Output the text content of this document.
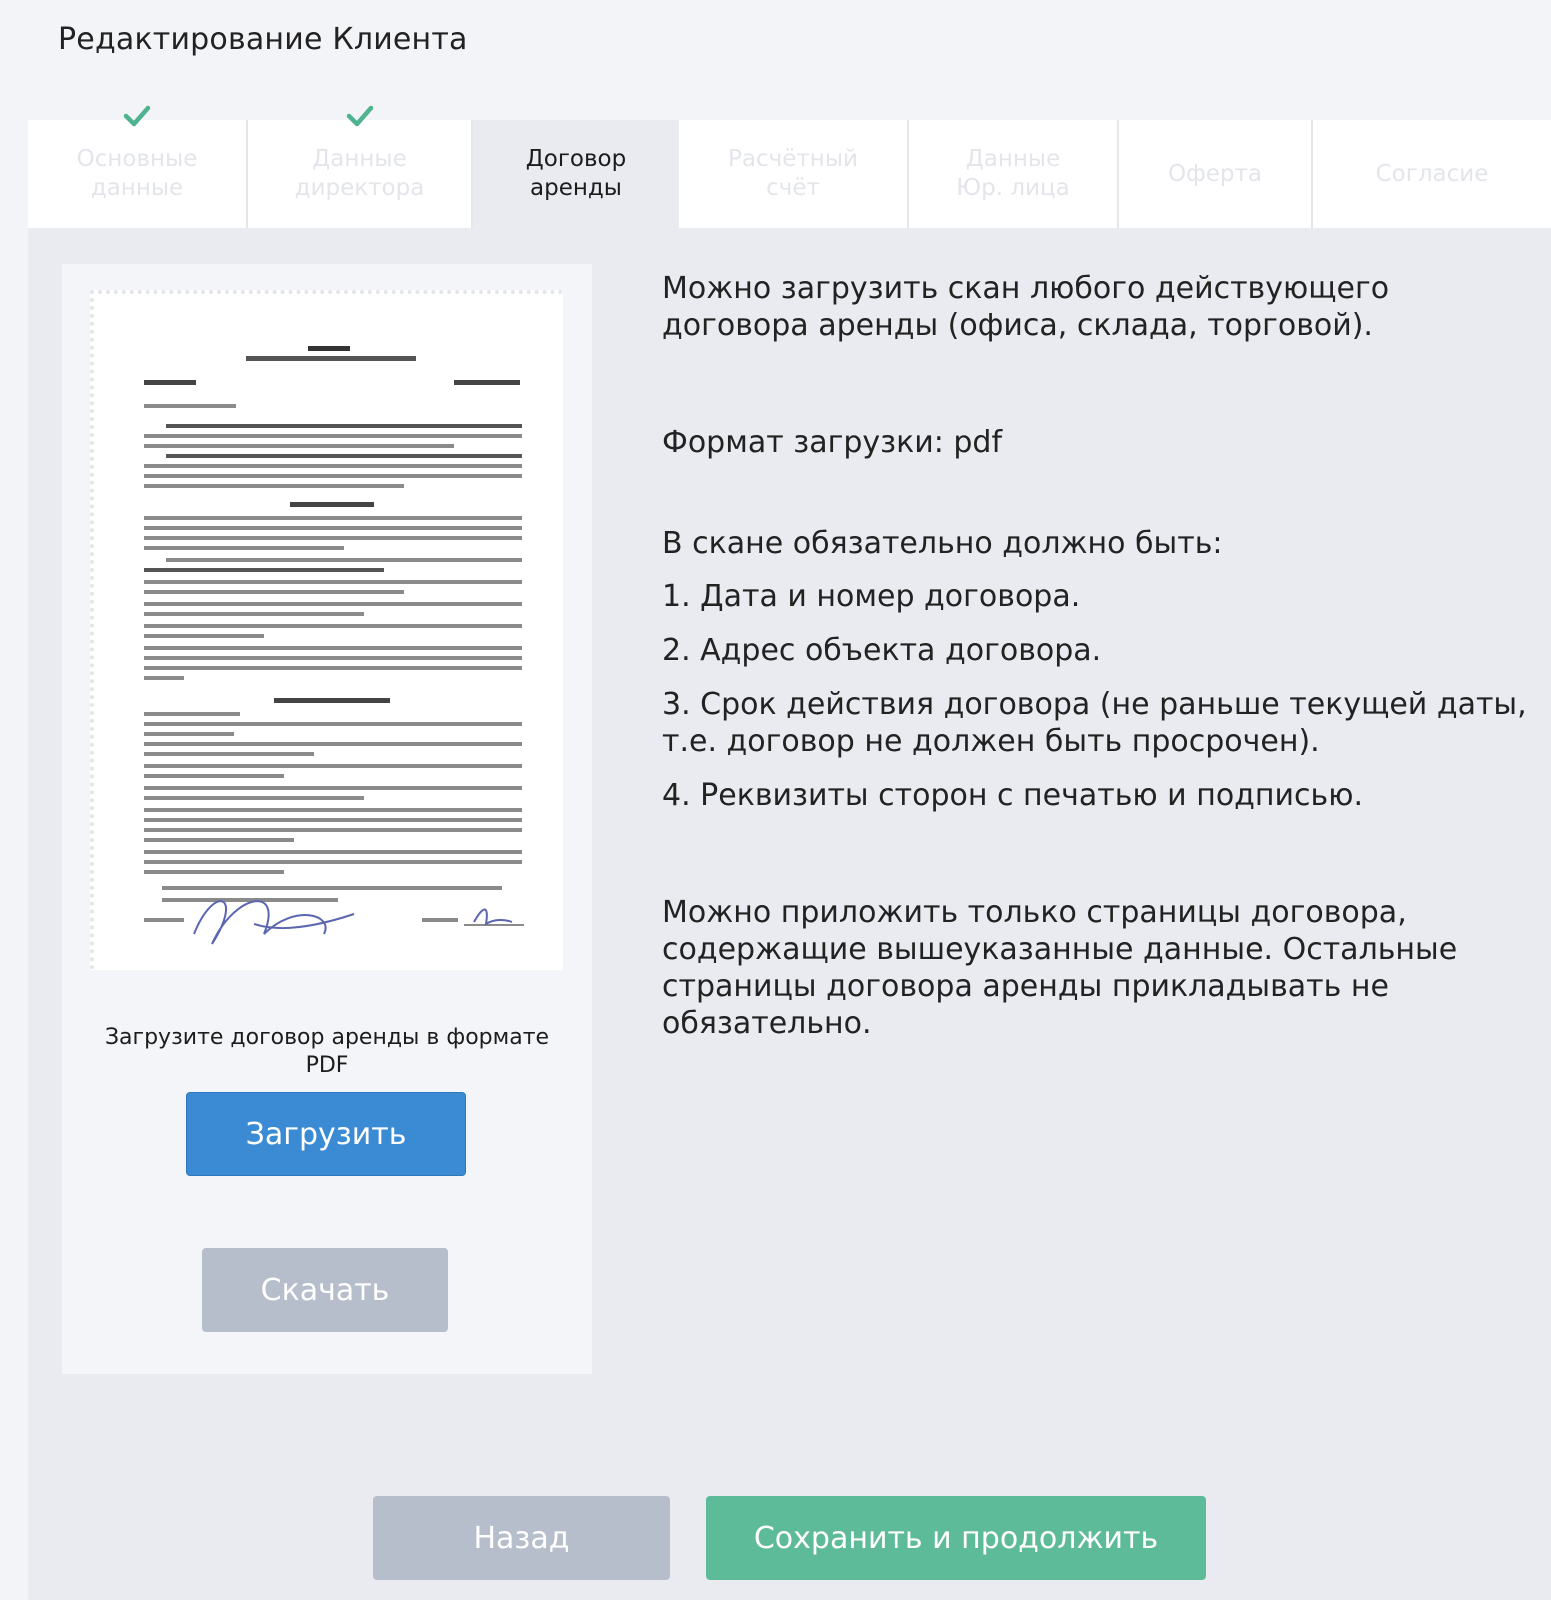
Редактирование Клиента
Основные
данные
Данные
директора
Договор
аренды
Расчётный
счёт
Данные
Юр. лица
Оферта	Согласие
Загрузите договор аренды в формате PDF
Загрузить
Скачать

Можно загрузить скан любого действующего договора аренды (офиса, склада, торговой).

Формат загрузки: pdf

В скане обязательно должно быть:

1. Дата и номер договора.

2. Адрес объекта договора.

3. Срок действия договора (не раньше текущей даты, т.е. договор не должен быть просрочен).

4. Реквизиты сторон с печатью и подписью.

Можно приложить только страницы договора, содержащие вышеуказанные данные. Остальные страницы договора аренды прикладывать не обязательно.

Назад	Сохранить и продолжить
